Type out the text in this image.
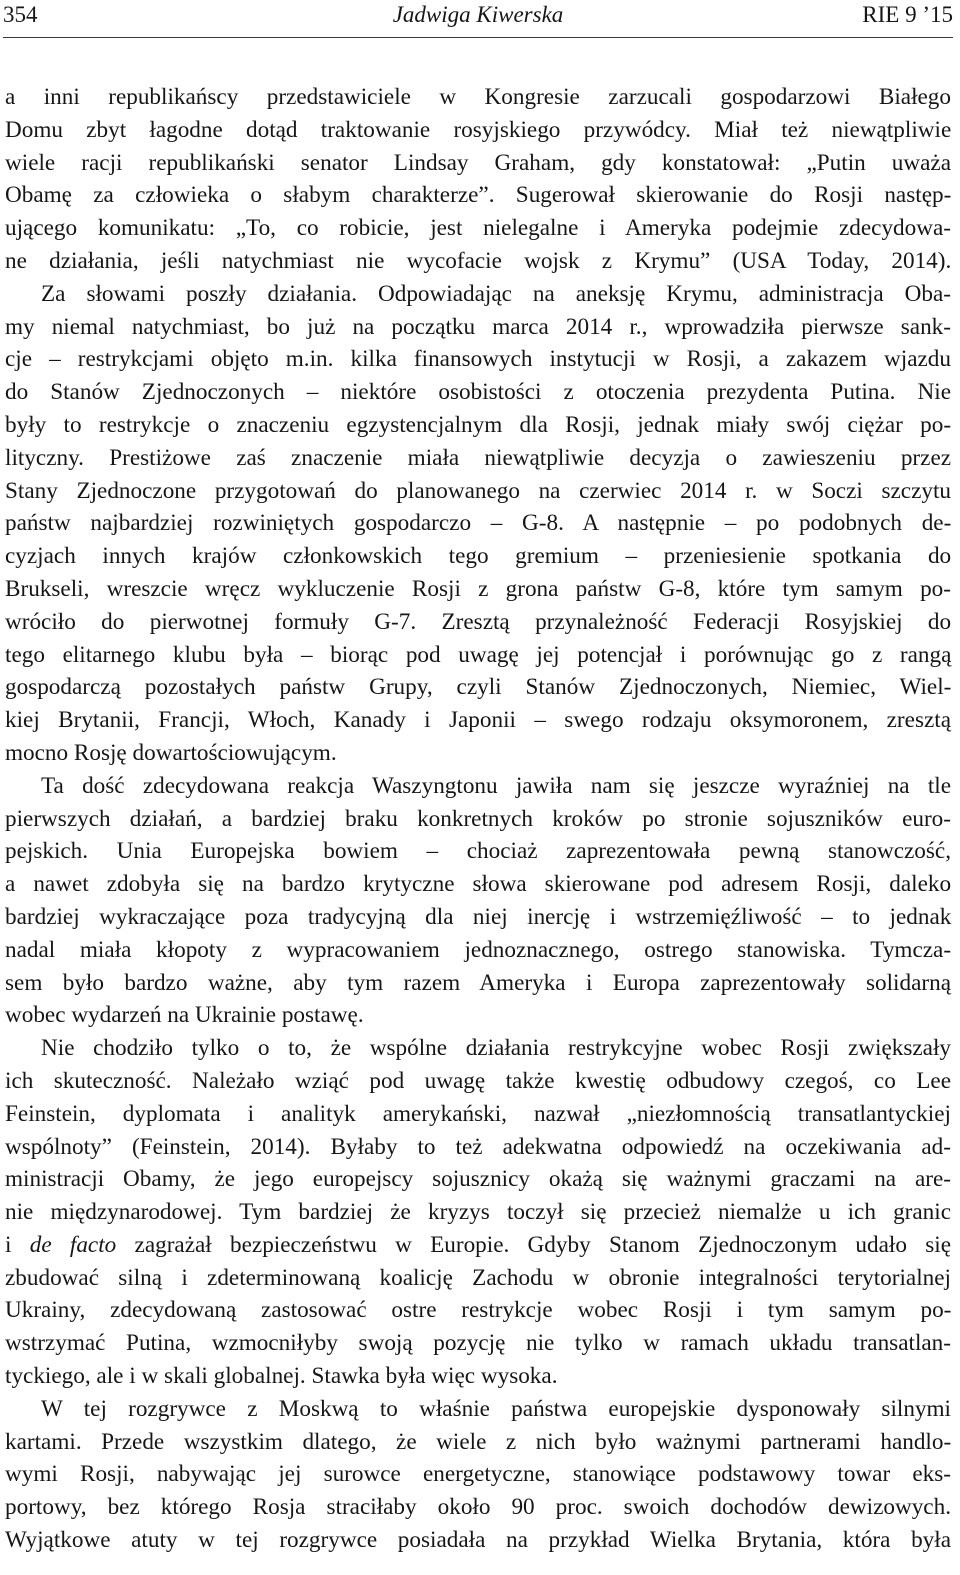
354	Jadwiga Kiwerska	RIE 9 ’15
a inni republikańscy przedstawiciele w Kongresie zarzucali gospodarzowi Białego
Domu zbyt łagodne dotąd traktowanie rosyjskiego przywódcy. Miał też niewątpliwie
wiele racji republikański senator Lindsay Graham, gdy konstatował: „Putin uważa
Obamę za człowieka o słabym charakterze”. Sugerował skierowanie do Rosji następ-
ującego komunikatu: „To, co robicie, jest nielegalne i Ameryka podejmie zdecydowa-
ne działania, jeśli natychmiast nie wycofacie wojsk z Krymu” (USA Today, 2014).
Za słowami poszły działania. Odpowiadając na aneksję Krymu, administracja Oba-
my niemal natychmiast, bo już na początku marca 2014 r., wprowadziła pierwsze sank-
cje – restrykcjami objęto m.in. kilka finansowych instytucji w Rosji, a zakazem wjazdu
do Stanów Zjednoczonych – niektóre osobistości z otoczenia prezydenta Putina. Nie
były to restrykcje o znaczeniu egzystencjalnym dla Rosji, jednak miały swój ciężar po-
lityczny. Prestiżowe zaś znaczenie miała niewątpliwie decyzja o zawieszeniu przez
Stany Zjednoczone przygotowań do planowanego na czerwiec 2014 r. w Soczi szczytu
państw najbardziej rozwiniętych gospodarczo – G-8. A następnie – po podobnych de-
cyzjach innych krajów członkowskich tego gremium – przeniesienie spotkania do
Brukseli, wreszcie wręcz wykluczenie Rosji z grona państw G-8, które tym samym po-
wróciło do pierwotnej formuły G-7. Zresztą przynależność Federacji Rosyjskiej do
tego elitarnego klubu była – biorąc pod uwagę jej potencjał i porównując go z rangą
gospodarczą pozostałych państw Grupy, czyli Stanów Zjednoczonych, Niemiec, Wiel-
kiej Brytanii, Francji, Włoch, Kanady i Japonii – swego rodzaju oksymoronem, zresztą
mocno Rosję dowartościowującym.
Ta dość zdecydowana reakcja Waszyngtonu jawiła nam się jeszcze wyraźniej na tle
pierwszych działań, a bardziej braku konkretnych kroków po stronie sojuszników euro-
pejskich. Unia Europejska bowiem – chociaż zaprezentowała pewną stanowczość,
a nawet zdobyła się na bardzo krytyczne słowa skierowane pod adresem Rosji, daleko
bardziej wykraczające poza tradycyjną dla niej inercję i wstrzemięźliwość – to jednak
nadal miała kłopoty z wypracowaniem jednoznacznego, ostrego stanowiska. Tymcza-
sem było bardzo ważne, aby tym razem Ameryka i Europa zaprezentowały solidarną
wobec wydarzeń na Ukrainie postawę.
Nie chodziło tylko o to, że wspólne działania restrykcyjne wobec Rosji zwiększały
ich skuteczność. Należało wziąć pod uwagę także kwestię odbudowy czegoś, co Lee
Feinstein, dyplomata i analityk amerykański, nazwał „niezłomnością transatlantyckiej
wspólnoty” (Feinstein, 2014). Byłaby to też adekwatna odpowiedź na oczekiwania ad-
ministracji Obamy, że jego europejscy sojusznicy okażą się ważnymi graczami na are-
nie międzynarodowej. Tym bardziej że kryzys toczył się przecież niemalże u ich granic
i de facto zagrażał bezpieczeństwu w Europie. Gdyby Stanom Zjednoczonym udało się
zbudować silną i zdeterminowaną koalicję Zachodu w obronie integralności terytorialnej
Ukrainy, zdecydowaną zastosować ostre restrykcje wobec Rosji i tym samym po-
wstrzymać Putina, wzmocniłyby swoją pozycję nie tylko w ramach układu transatlan-
tyckiego, ale i w skali globalnej. Stawka była więc wysoka.
W tej rozgrywce z Moskwą to właśnie państwa europejskie dysponowały silnymi
kartami. Przede wszystkim dlatego, że wiele z nich było ważnymi partnerami handlo-
wymi Rosji, nabywając jej surowce energetyczne, stanowiące podstawowy towar eks-
portowy, bez którego Rosja straciłaby około 90 proc. swoich dochodów dewizowych.
Wyjątkowe atuty w tej rozgrywce posiadała na przykład Wielka Brytania, która była
